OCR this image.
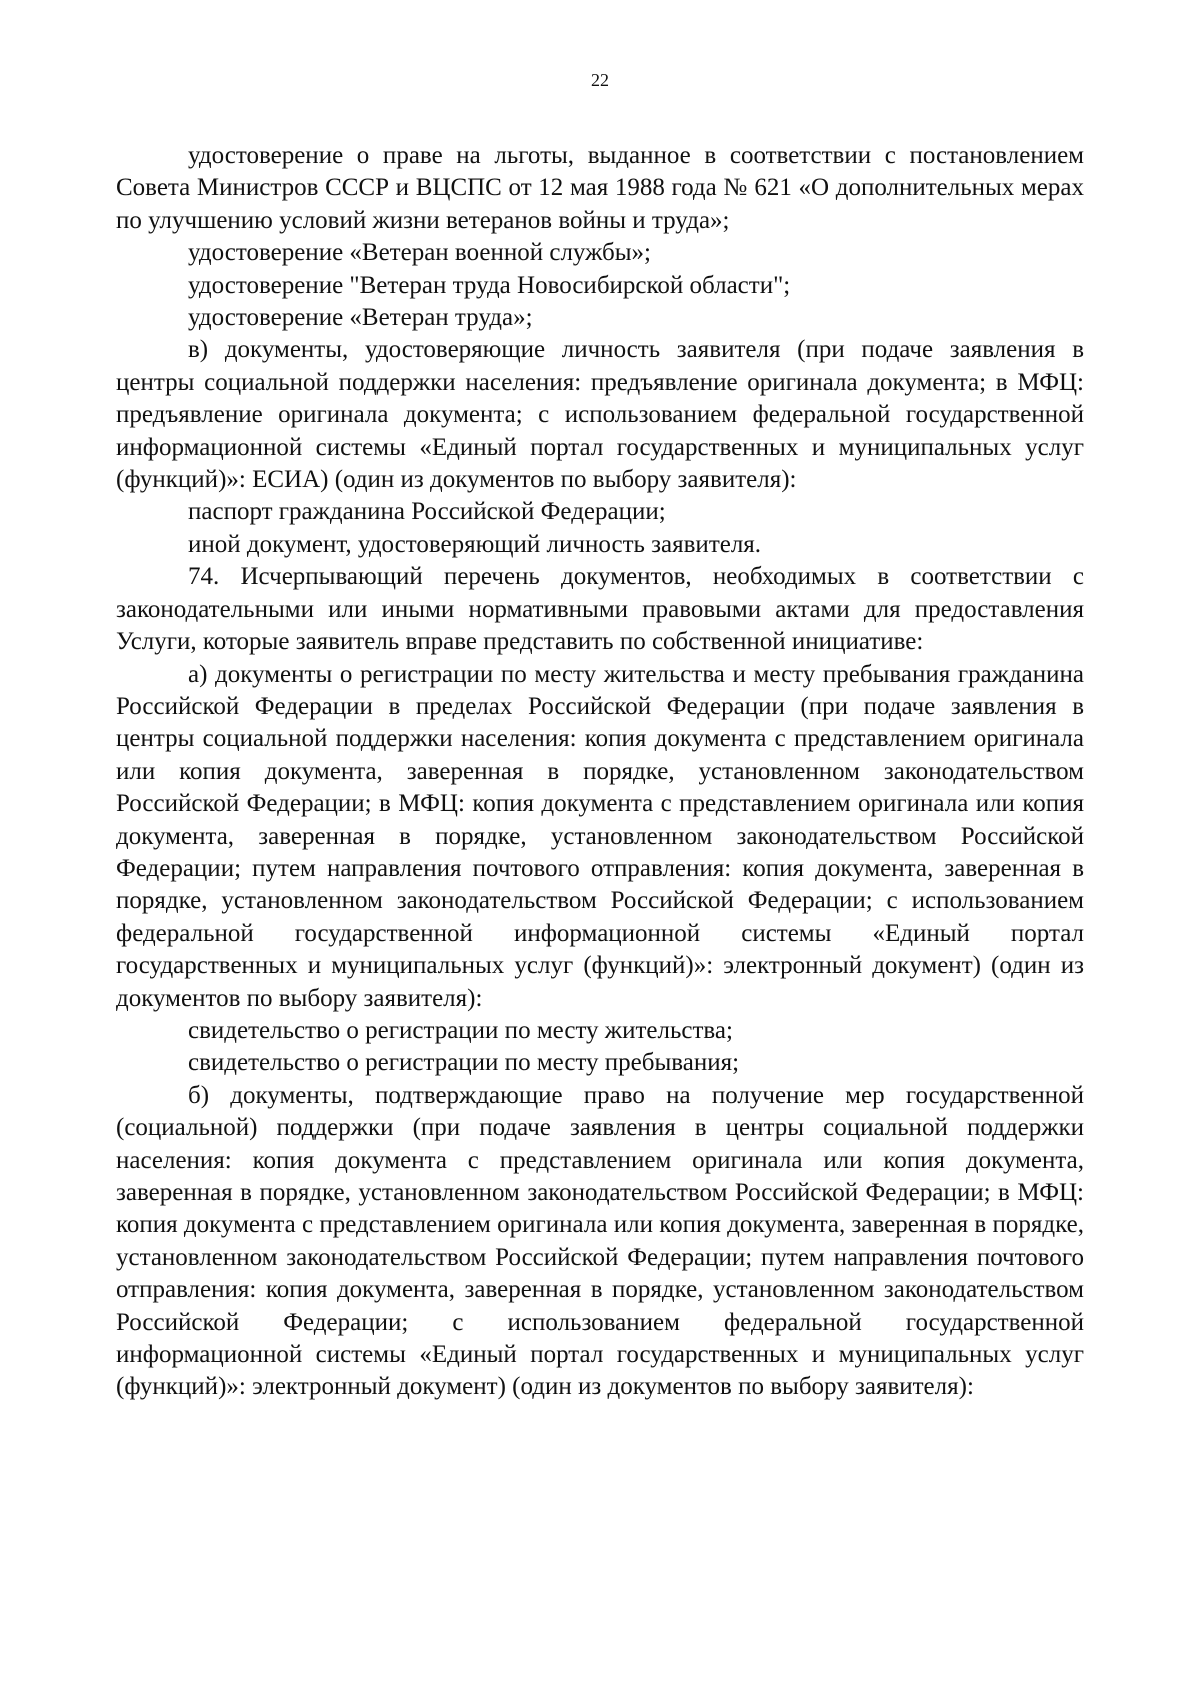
22

удостоверение о праве на льготы, выданное в соответствии с постановлением Совета Министров СССР и ВЦСПС от 12 мая 1988 года № 621 «О дополнительных мерах по улучшению условий жизни ветеранов войны и труда»;

удостоверение «Ветеран военной службы»;

удостоверение "Ветеран труда Новосибирской области";

удостоверение «Ветеран труда»;

в) документы, удостоверяющие личность заявителя (при подаче заявления в центры социальной поддержки населения: предъявление оригинала документа; в МФЦ: предъявление оригинала документа; с использованием федеральной государственной информационной системы «Единый портал государственных и муниципальных услуг (функций)»: ЕСИА) (один из документов по выбору заявителя):

паспорт гражданина Российской Федерации;

иной документ, удостоверяющий личность заявителя.

74. Исчерпывающий перечень документов, необходимых в соответствии с законодательными или иными нормативными правовыми актами для предоставления Услуги, которые заявитель вправе представить по собственной инициативе:

а) документы о регистрации по месту жительства и месту пребывания гражданина Российской Федерации в пределах Российской Федерации (при подаче заявления в центры социальной поддержки населения: копия документа с представлением оригинала или копия документа, заверенная в порядке, установленном законодательством Российской Федерации; в МФЦ: копия документа с представлением оригинала или копия документа, заверенная в порядке, установленном законодательством Российской Федерации; путем направления почтового отправления: копия документа, заверенная в порядке, установленном законодательством Российской Федерации; с использованием федеральной государственной информационной системы «Единый портал государственных и муниципальных услуг (функций)»: электронный документ) (один из документов по выбору заявителя):

свидетельство о регистрации по месту жительства;

свидетельство о регистрации по месту пребывания;

б) документы, подтверждающие право на получение мер государственной (социальной) поддержки (при подаче заявления в центры социальной поддержки населения: копия документа с представлением оригинала или копия документа, заверенная в порядке, установленном законодательством Российской Федерации; в МФЦ: копия документа с представлением оригинала или копия документа, заверенная в порядке, установленном законодательством Российской Федерации; путем направления почтового отправления: копия документа, заверенная в порядке, установленном законодательством Российской Федерации; с использованием федеральной государственной информационной системы «Единый портал государственных и муниципальных услуг (функций)»: электронный документ) (один из документов по выбору заявителя):
